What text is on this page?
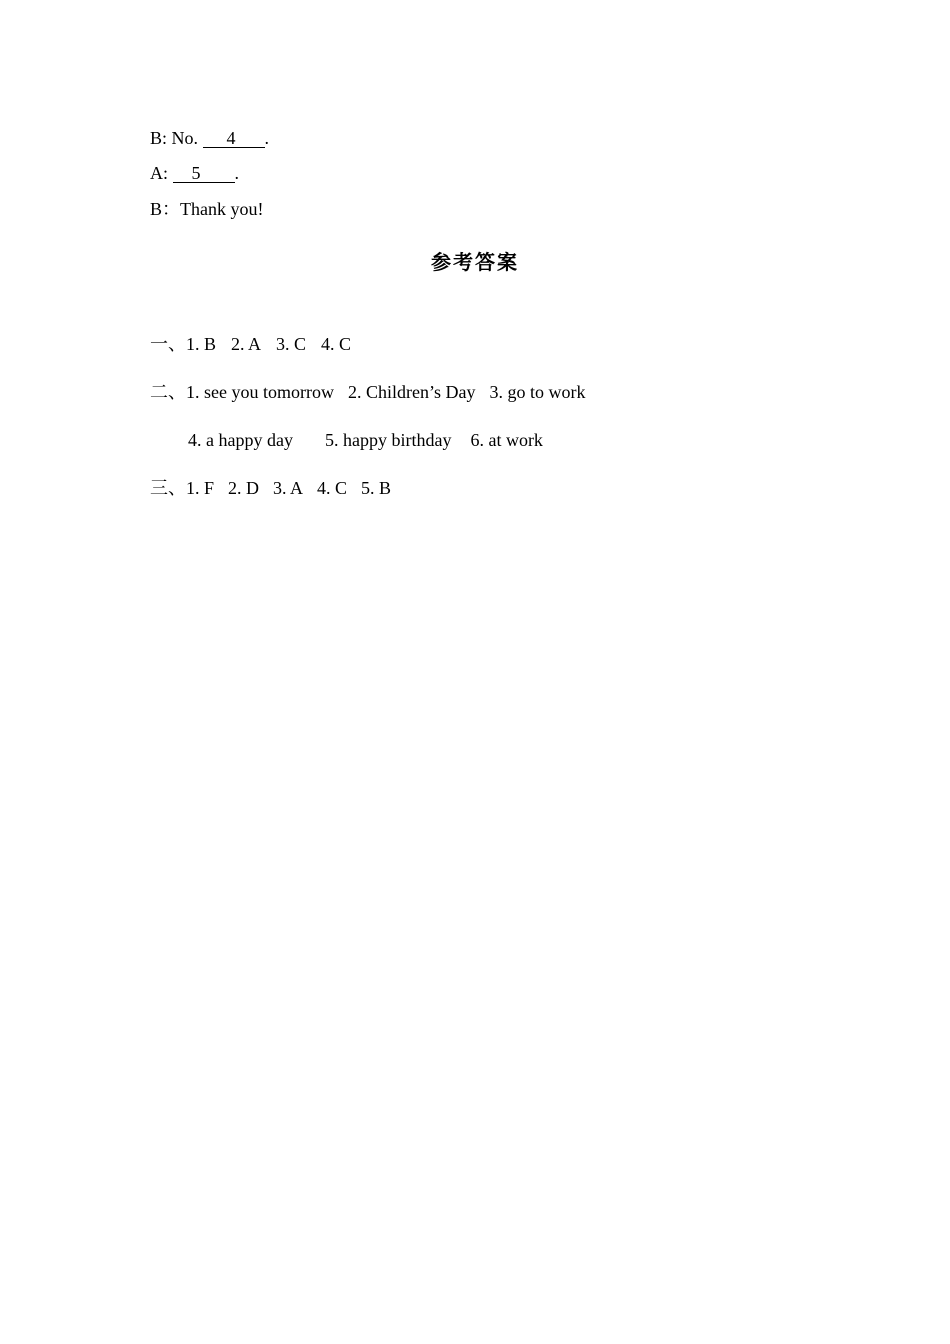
B: No. 4 .
A: 5 .
B：Thank you!
参考答案
一、1. B 2. A 3. C 4. C
二、1. see you tomorrow 2. Children’s Day 3. go to work
4. a happy day 5. happy birthday 6. at work
三、1. F 2. D 3. A 4. C 5. B
